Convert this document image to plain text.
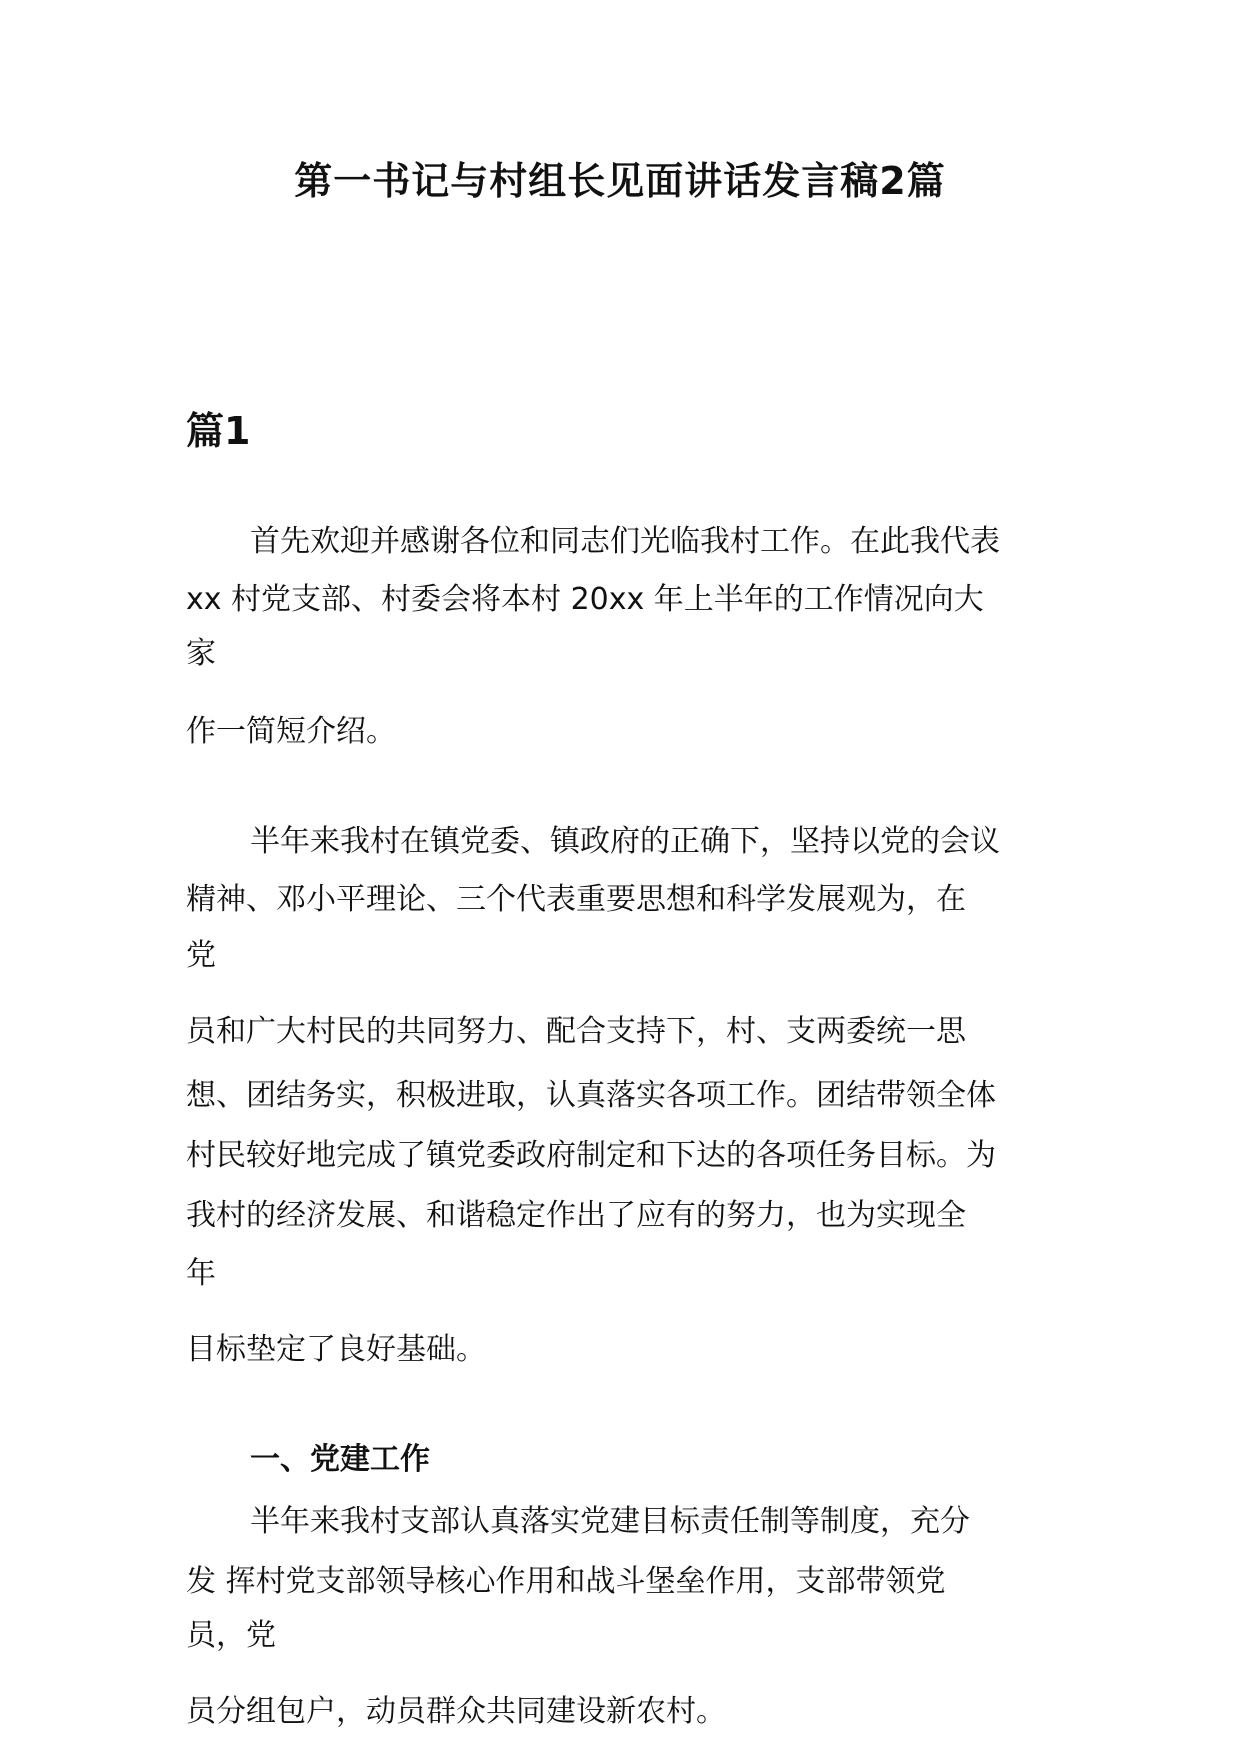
第一书记与村组长见面讲话发言稿2篇
篇1
首先欢迎并感谢各位和同志们光临我村工作。在此我代表
xx 村党支部、村委会将本村 20xx 年上半年的工作情况向大
家
作一简短介绍。
半年来我村在镇党委、镇政府的正确下，坚持以党的会议
精神、邓小平理论、三个代表重要思想和科学发展观为，在
党
员和广大村民的共同努力、配合支持下，村、支两委统一思
想、团结务实，积极进取，认真落实各项工作。团结带领全体
村民较好地完成了镇党委政府制定和下达的各项任务目标。为
我村的经济发展、和谐稳定作出了应有的努力，也为实现全
年
目标垫定了良好基础。
一、党建工作
半年来我村支部认真落实党建目标责任制等制度，充分
发 挥村党支部领导核心作用和战斗堡垒作用，支部带领党
员，党
员分组包户，动员群众共同建设新农村。
